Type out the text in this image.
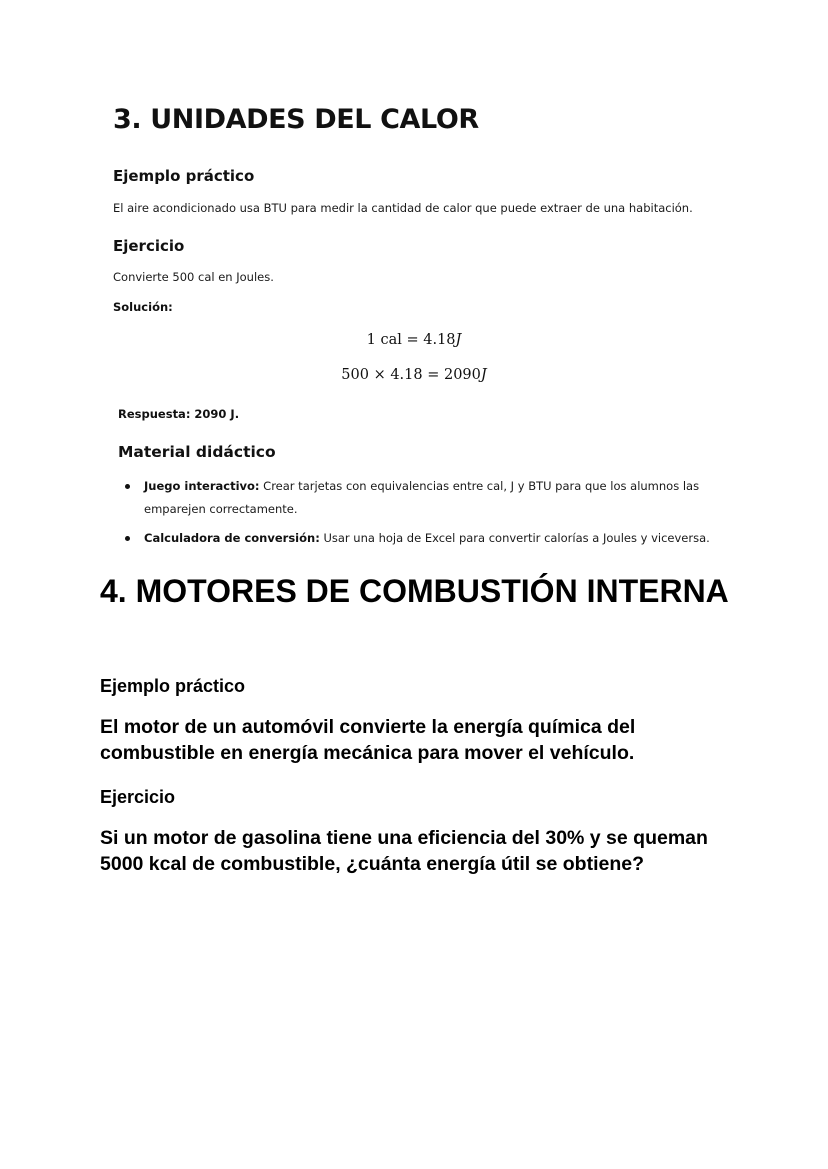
3. UNIDADES DEL CALOR
Ejemplo práctico

El aire acondicionado usa BTU para medir la cantidad de calor que puede extraer de una habitación.

Ejercicio

Convierte 500 cal en Joules.

Solución:

1 cal = 4.18J
500 × 4.18 = 2090J

Respuesta: 2090 J.

Material didáctico
Juego interactivo: Crear tarjetas con equivalencias entre cal, J y BTU para que los alumnos las emparejen correctamente.
Calculadora de conversión: Usar una hoja de Excel para convertir calorías a Joules y viceversa.
4. MOTORES DE COMBUSTIÓN INTERNA
Ejemplo práctico

El motor de un automóvil convierte la energía química del combustible en energía mecánica para mover el vehículo.

Ejercicio

Si un motor de gasolina tiene una eficiencia del 30% y se queman 5000 kcal de combustible, ¿cuánta energía útil se obtiene?
